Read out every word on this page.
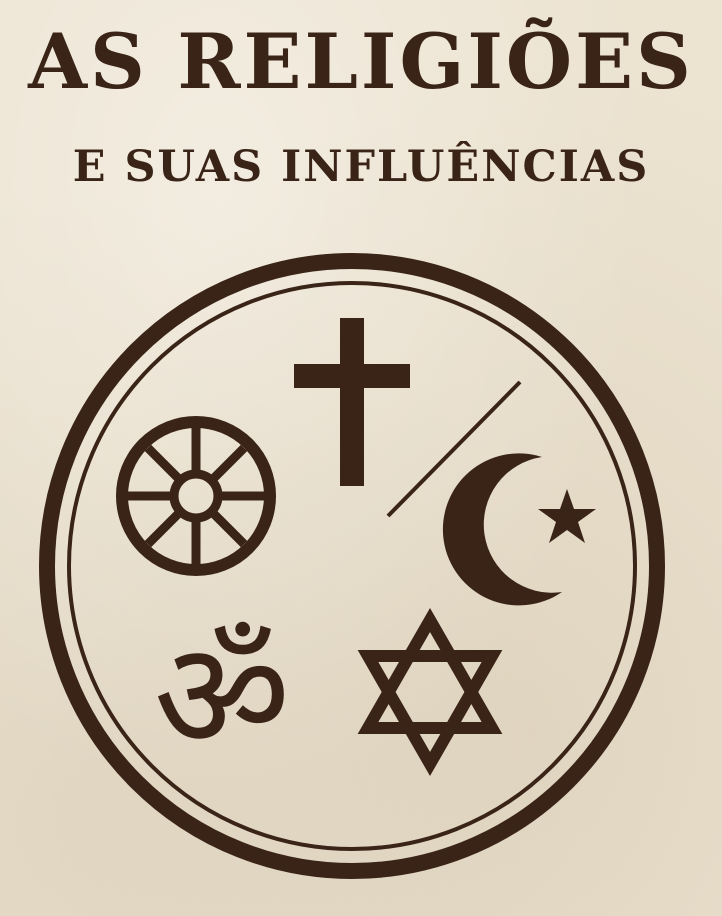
AS RELIGIÕES
E SUAS INFLUÊNCIAS
ॐ
